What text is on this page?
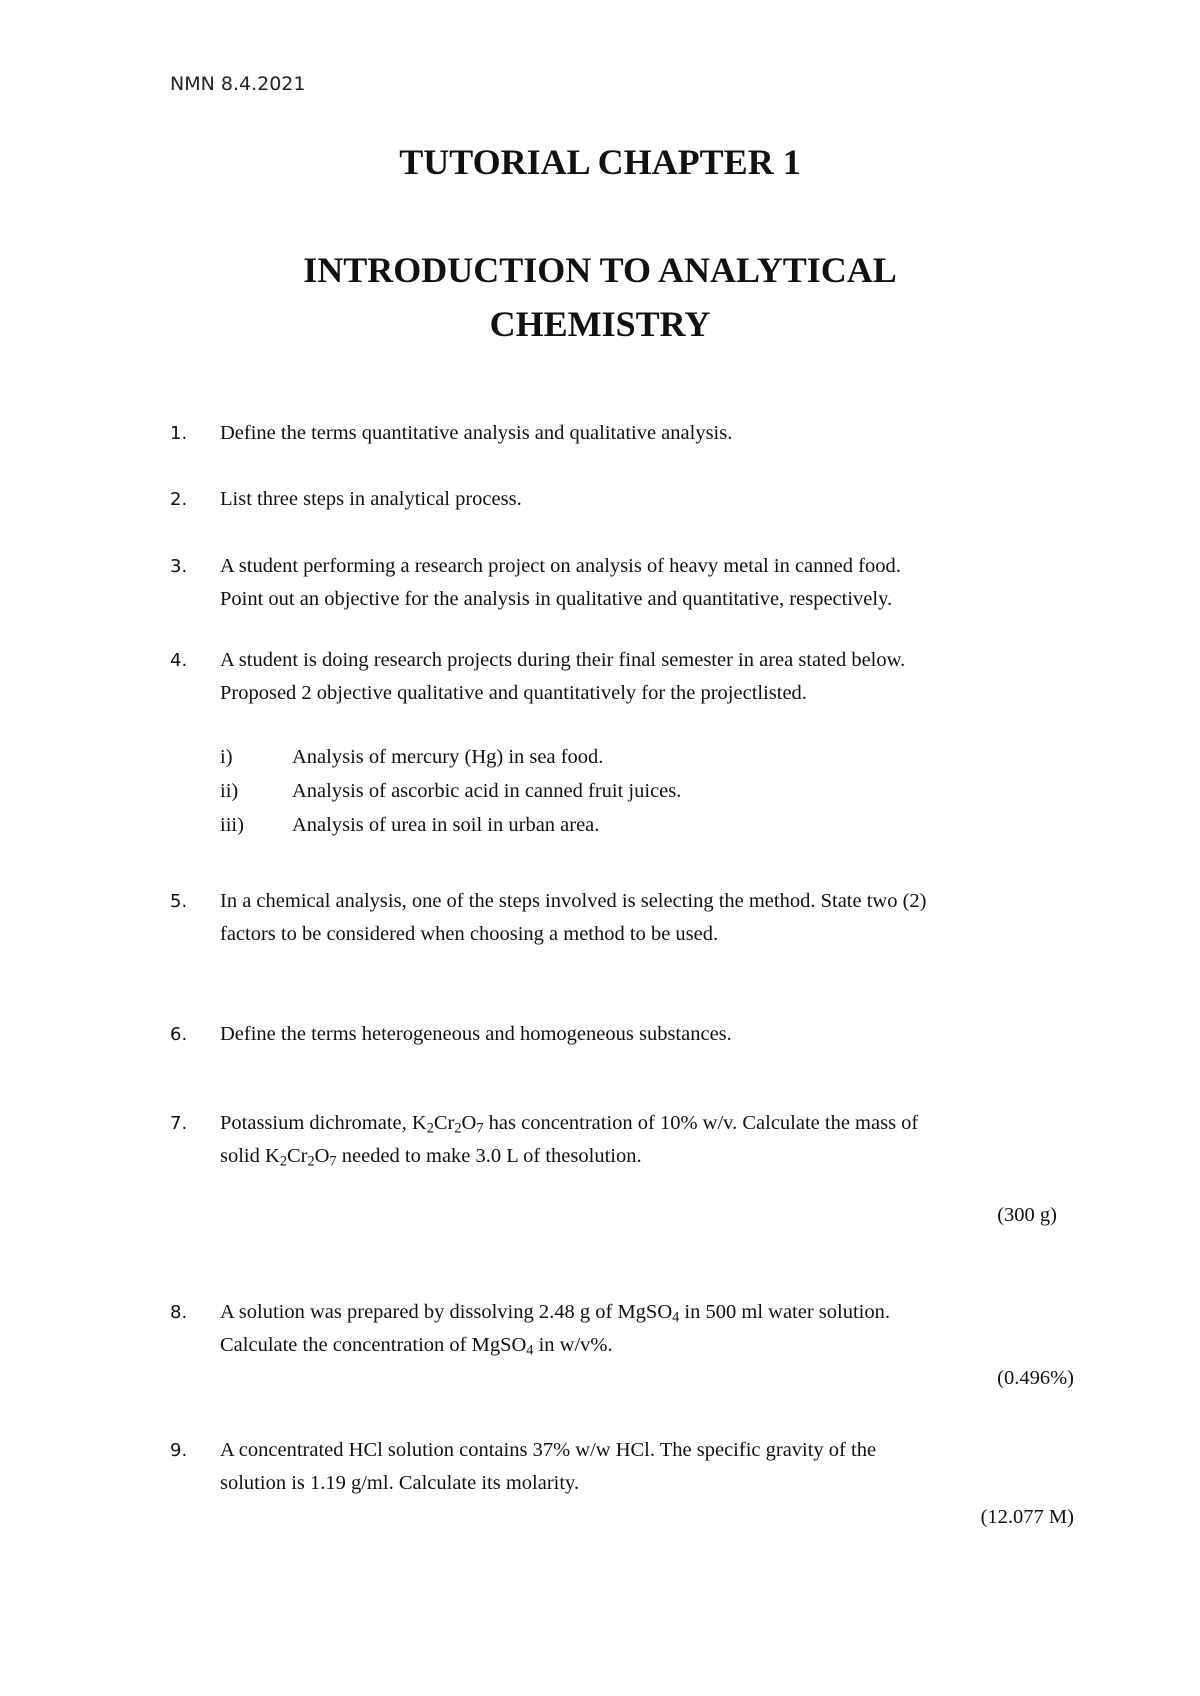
NMN 8.4.2021

TUTORIAL CHAPTER 1
INTRODUCTION TO ANALYTICAL
CHEMISTRY
1.	Define the terms quantitative analysis and qualitative analysis.
2.	List three steps in analytical process.
3.	A student performing a research project on analysis of heavy metal in canned food.
Point out an objective for the analysis in qualitative and quantitative, respectively.
4.	A student is doing research projects during their final semester in area stated below.
Proposed 2 objective qualitative and quantitatively for the projectlisted.
i)	Analysis of mercury (Hg) in sea food.
ii)	Analysis of ascorbic acid in canned fruit juices.
iii) Analysis of urea in soil in urban area.
5.	In a chemical analysis, one of the steps involved is selecting the method. State two (2)
factors to be considered when choosing a method to be used.
6.	Define the terms heterogeneous and homogeneous substances.
7.	Potassium dichromate, $K_2Cr_2O_7$ has concentration of 10% w/v. Calculate the mass of
solid $K_2Cr_2O_7$ needed to make 3.0 L of thesolution.

(300 g)

8.	A solution was prepared by dissolving 2.48 g of MgSO$_4$ in 500 ml water solution.
Calculate the concentration of MgSO$_4$ in w/v%.

(0.496%)

9.	A concentrated HCl solution contains 37% w/w HCl. The specific gravity of the
solution is 1.19 g/ml. Calculate its molarity.

(12.077 M)
